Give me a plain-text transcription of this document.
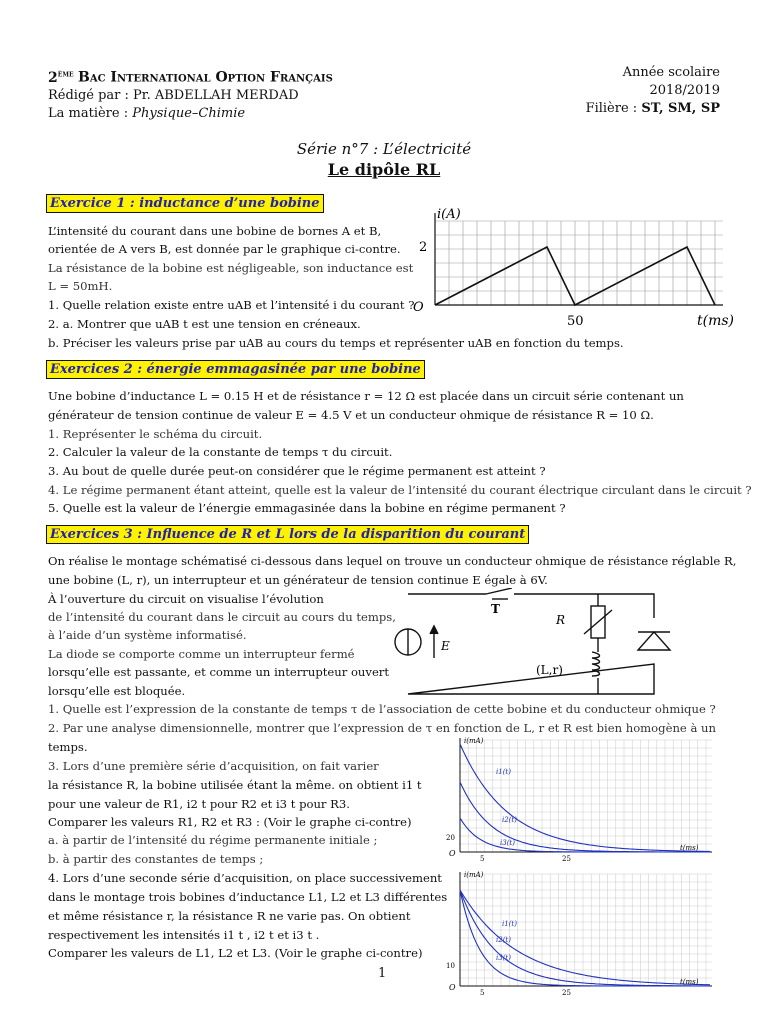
2ème Bac International Option Français
Rédigé par : Pr. ABDELLAH MERDAD
La matière : Physique–Chimie
Année scolaire
2018/2019
Filière : ST, SM, SP
Série n°7 : L’électricité
Le dipôle RL
Exercice 1 : inductance d’une bobine
L’intensité du courant dans une bobine de bornes A et B,
orientée de A vers B, est donnée par le graphique ci-contre.
La résistance de la bobine est négligeable, son inductance est
L = 50mH.
1. Quelle relation existe entre uAB et l’intensité i du courant ?
2. a. Montrer que uAB t est une tension en créneaux.
b. Préciser les valeurs prise par uAB au cours du temps et représenter uAB en fonction du temps.
i(A)
2
O
50	t(ms)
Exercices 2 : énergie emmagasinée par une bobine
Une bobine d’inductance L = 0.15 H et de résistance r = 12 Ω est placée dans un circuit série contenant un
générateur de tension continue de valeur E = 4.5 V et un conducteur ohmique de résistance R = 10 Ω.
1. Représenter le schéma du circuit.
2. Calculer la valeur de la constante de temps τ du circuit.
3. Au bout de quelle durée peut-on considérer que le régime permanent est atteint ?
4. Le régime permanent étant atteint, quelle est la valeur de l’intensité du courant électrique circulant dans le circuit ?
5. Quelle est la valeur de l’énergie emmagasinée dans la bobine en régime permanent ?
Exercices 3 : Influence de R et L lors de la disparition du courant
On réalise le montage schématisé ci-dessous dans lequel on trouve un conducteur ohmique de résistance réglable R,
une bobine (L, r), un interrupteur et un générateur de tension continue E égale à 6V.
À l’ouverture du circuit on visualise l’évolution
de l’intensité du courant dans le circuit au cours du temps,
à l’aide d’un système informatisé.
La diode se comporte comme un interrupteur fermé
lorsqu’elle est passante, et comme un interrupteur ouvert
lorsqu’elle est bloquée.
1. Quelle est l’expression de la constante de temps τ de l’association de cette bobine et du conducteur ohmique ?
2. Par une analyse dimensionnelle, montrer que l’expression de τ en fonction de L, r et R est bien homogène à un
temps.
3. Lors d’une première série d’acquisition, on fait varier
la résistance R, la bobine utilisée étant la même. on obtient i1 t
pour une valeur de R1, i2 t pour R2 et i3 t pour R3.
Comparer les valeurs R1, R2 et R3 : (Voir le graphe ci-contre)
a. à partir de l’intensité du régime permanente initiale ;
b. à partir des constantes de temps ;
4. Lors d’une seconde série d’acquisition, on place successivement
dans le montage trois bobines d’inductance L1, L2 et L3 différentes
et même résistance r, la résistance R ne varie pas. On obtient
respectivement les intensités i1 t , i2 t et i3 t .
Comparer les valeurs de L1, L2 et L3. (Voir le graphe ci-contre)
T
R
(L,r)
E
i(mA)
i1(t)
i2(t)
i3(t)
20
O
5	25
t(ms)
i(mA)
i1(t)
i2(t)
i3(t)
10
O
5	25
t(ms)
1
